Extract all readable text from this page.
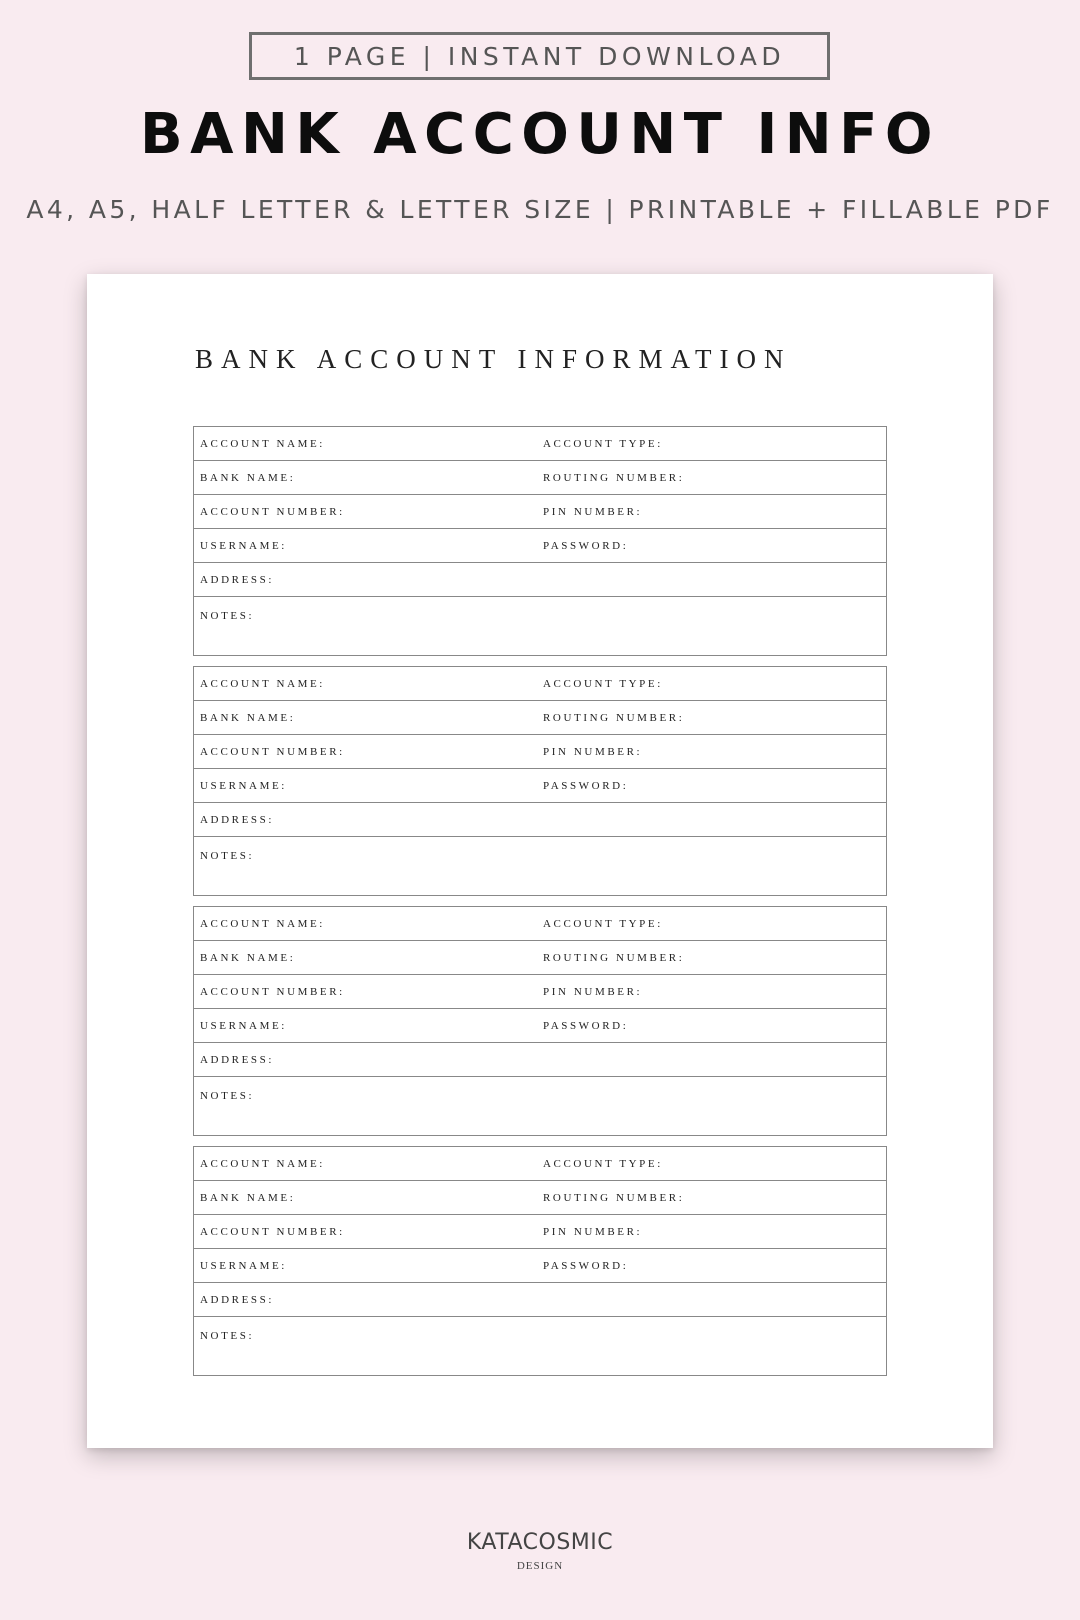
1 PAGE | INSTANT DOWNLOAD
BANK ACCOUNT INFO
A4, A5, HALF LETTER & LETTER SIZE | PRINTABLE + FILLABLE PDF
BANK ACCOUNT INFORMATION
ACCOUNT NAME:	ACCOUNT TYPE:
BANK NAME:	ROUTING NUMBER:
ACCOUNT NUMBER:	PIN NUMBER:
USERNAME:	PASSWORD:
ADDRESS:
NOTES:
ACCOUNT NAME:	ACCOUNT TYPE:
BANK NAME:	ROUTING NUMBER:
ACCOUNT NUMBER:	PIN NUMBER:
USERNAME:	PASSWORD:
ADDRESS:
NOTES:
ACCOUNT NAME:	ACCOUNT TYPE:
BANK NAME:	ROUTING NUMBER:
ACCOUNT NUMBER:	PIN NUMBER:
USERNAME:	PASSWORD:
ADDRESS:
NOTES:
ACCOUNT NAME:	ACCOUNT TYPE:
BANK NAME:	ROUTING NUMBER:
ACCOUNT NUMBER:	PIN NUMBER:
USERNAME:	PASSWORD:
ADDRESS:
NOTES:
KATACOSMIC
DESIGN
